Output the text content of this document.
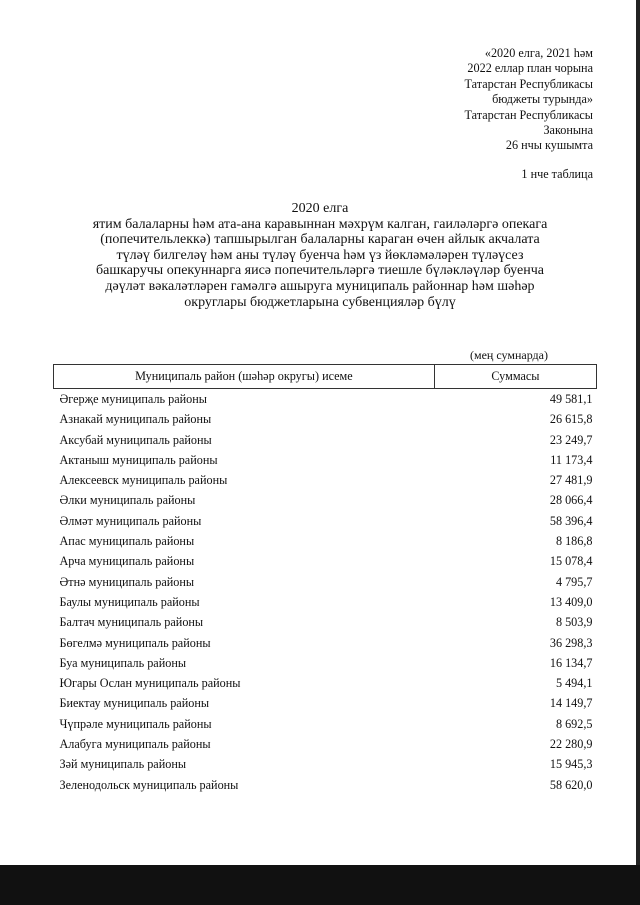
«2020 елга, 2021 һәм
2022 еллар план чорына
Татарстан Республикасы
бюджеты турында»
Татарстан Республикасы
Законына
26 нчы кушымта
1 нче таблица
2020 елга
ятим балаларны һәм ата-ана каравыннан мәхрүм калган, гаиләләргә опекага
(попечительлеккә) тапшырылган балаларны караган өчен айлык акчалата
түләү билгеләү һәм аны түләү буенча һәм үз йөкләмәләрен түләүсез
башкаручы опекуннарга яисә попечительләргә тиешле бүләкләүләр буенча
дәүләт вәкаләтләрен гамәлгә ашыруга муниципаль районнар һәм шәһәр
округлары бюджетларына субвенцияләр бүлү
(мең сумнарда)
Муниципаль район (шәһәр округы) исеме	Суммасы
Әгерҗе муниципаль районы	49 581,1
Азнакай муниципаль районы	26 615,8
Аксубай муниципаль районы	23 249,7
Актаныш муниципаль районы	11 173,4
Алексеевск муниципаль районы	27 481,9
Әлки муниципаль районы	28 066,4
Әлмәт муниципаль районы	58 396,4
Апас муниципаль районы	8 186,8
Арча муниципаль районы	15 078,4
Әтнә муниципаль районы	4 795,7
Баулы муниципаль районы	13 409,0
Балтач муниципаль районы	8 503,9
Бөгелмә муниципаль районы	36 298,3
Буа муниципаль районы	16 134,7
Югары Ослан муниципаль районы	5 494,1
Биектау муниципаль районы	14 149,7
Чүпрәле муниципаль районы	8 692,5
Алабуга муниципаль районы	22 280,9
Зәй муниципаль районы	15 945,3
Зеленодольск муниципаль районы	58 620,0
